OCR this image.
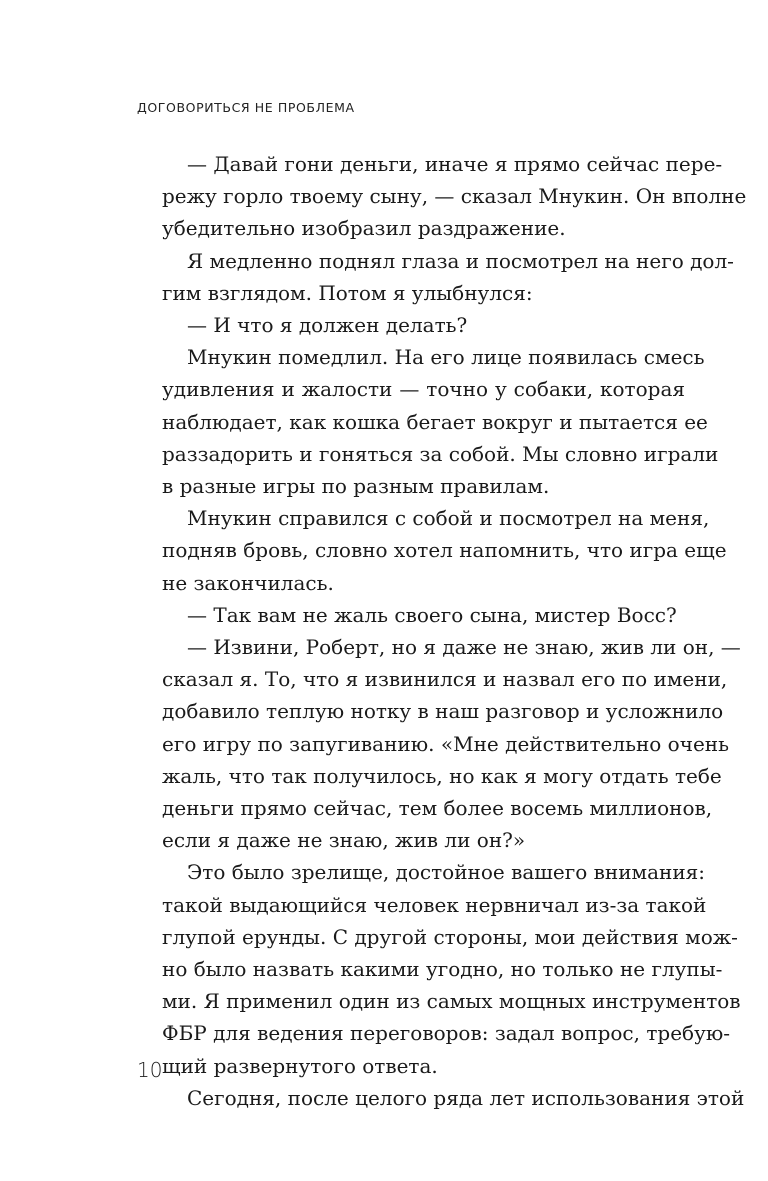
ДОГОВОРИТЬСЯ НЕ ПРОБЛЕМА
— Давай гони деньги, иначе я прямо сейчас пере-
режу горло твоему сыну, — сказал Мнукин. Он вполне
убедительно изобразил раздражение.
Я медленно поднял глаза и посмотрел на него дол-
гим взглядом. Потом я улыбнулся:
— И что я должен делать?
Мнукин помедлил. На его лице появилась смесь
удивления и жалости — точно у собаки, которая
наблюдает, как кошка бегает вокруг и пытается ее
раззадорить и гоняться за собой. Мы словно играли
в разные игры по разным правилам.
Мнукин справился с собой и посмотрел на меня,
подняв бровь, словно хотел напомнить, что игра еще
не закончилась.
— Так вам не жаль своего сына, мистер Восс?
— Извини, Роберт, но я даже не знаю, жив ли он, —
сказал я. То, что я извинился и назвал его по имени,
добавило теплую нотку в наш разговор и усложнило
его игру по запугиванию. «Мне действительно очень
жаль, что так получилось, но как я могу отдать тебе
деньги прямо сейчас, тем более восемь миллионов,
если я даже не знаю, жив ли он?»
Это было зрелище, достойное вашего внимания:
такой выдающийся человек нервничал из-за такой
глупой ерунды. С другой стороны, мои действия мож-
но было назвать какими угодно, но только не глупы-
ми. Я применил один из самых мощных инструментов
ФБР для ведения переговоров: задал вопрос, требую-
щий развернутого ответа.
Сегодня, после целого ряда лет использования этой
10
